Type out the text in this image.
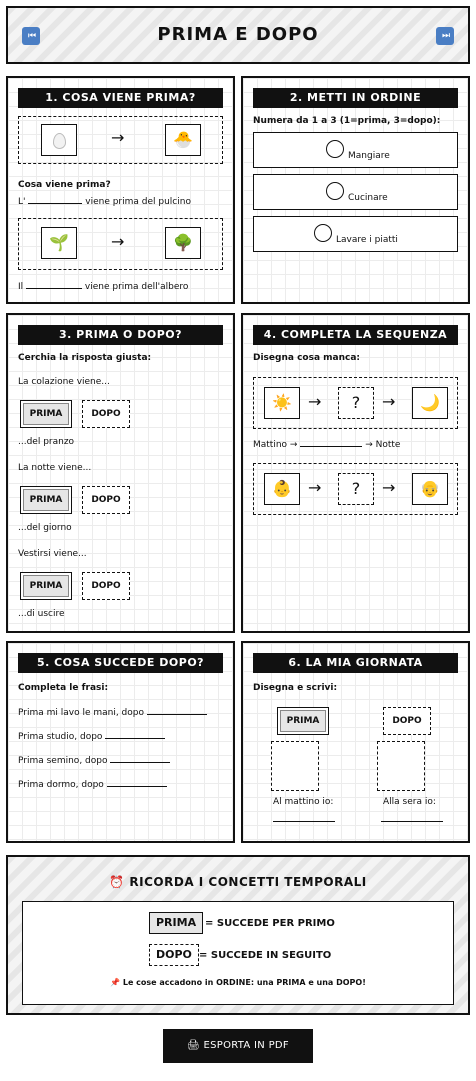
⏮	PRIMA E DOPO	⏭
1. COSA VIENE PRIMA?
→	🐣
Cosa viene prima?
L'	viene prima del pulcino
🌱	→	🌳
Il	viene prima dell'albero
2. METTI IN ORDINE
Numera da 1 a 3 (1=prima, 3=dopo):
Mangiare
Cucinare
Lavare i piatti
3. PRIMA O DOPO?
Cerchia la risposta giusta:
La colazione viene...
PRIMA	DOPO
...del pranzo
La notte viene...
PRIMA	DOPO
...del giorno
Vestirsi viene...
PRIMA	DOPO
...di uscire
4. COMPLETA LA SEQUENZA
Disegna cosa manca:
☀️	→	?	→	🌙
Mattino →	→ Notte
👶	→	?	→	👴
5. COSA SUCCEDE DOPO?
Completa le frasi:
Prima mi lavo le mani, dopo
Prima studio, dopo
Prima semino, dopo
Prima dormo, dopo
6. LA MIA GIORNATA
Disegna e scrivi:
PRIMA	DOPO
Al mattino io:	Alla sera io:
⏰ RICORDA I CONCETTI TEMPORALI
PRIMA = SUCCEDE PER PRIMO
DOPO = SUCCEDE IN SEGUITO
📌 Le cose accadono in ORDINE: una PRIMA e una DOPO!
🖨 ESPORTA IN PDF
